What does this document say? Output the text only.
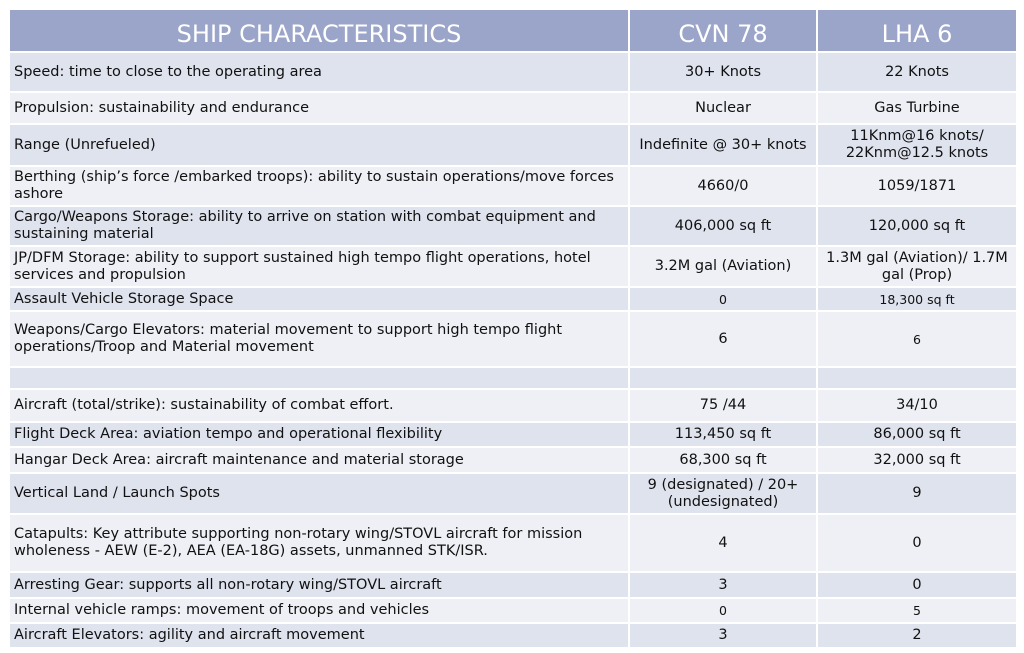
SHIP CHARACTERISTICS	CVN 78	LHA 6
Speed: time to close to the operating area	30+ Knots	22 Knots
Propulsion: sustainability and endurance	Nuclear	Gas Turbine
Range (Unrefueled)	Indefinite @ 30+ knots	11Knm@16 knots/ 22Knm@12.5 knots
Berthing (ship’s force /embarked troops): ability to sustain operations/move forces ashore	4660/0	1059/1871
Cargo/Weapons Storage: ability to arrive on station with combat equipment and sustaining material	406,000 sq ft	120,000 sq ft
JP/DFM Storage: ability to support sustained high tempo flight operations, hotel services and propulsion	3.2M gal (Aviation)	1.3M gal (Aviation)/ 1.7M gal (Prop)
Assault Vehicle Storage Space	0	18,300 sq ft
Weapons/Cargo Elevators: material movement to support high tempo flight operations/Troop and Material movement	6	6

Aircraft (total/strike): sustainability of combat effort.	75 /44	34/10
Flight Deck Area: aviation tempo and operational flexibility	113,450 sq ft	86,000 sq ft
Hangar Deck Area: aircraft maintenance and material storage	68,300 sq ft	32,000 sq ft
Vertical Land / Launch Spots	9 (designated) / 20+ (undesignated)	9
Catapults: Key attribute supporting non-rotary wing/STOVL aircraft for mission wholeness - AEW (E-2), AEA (EA-18G) assets, unmanned STK/ISR.	4	0
Arresting Gear: supports all non-rotary wing/STOVL aircraft	3	0
Internal vehicle ramps: movement of troops and vehicles	0	5
Aircraft Elevators: agility and aircraft movement	3	2
